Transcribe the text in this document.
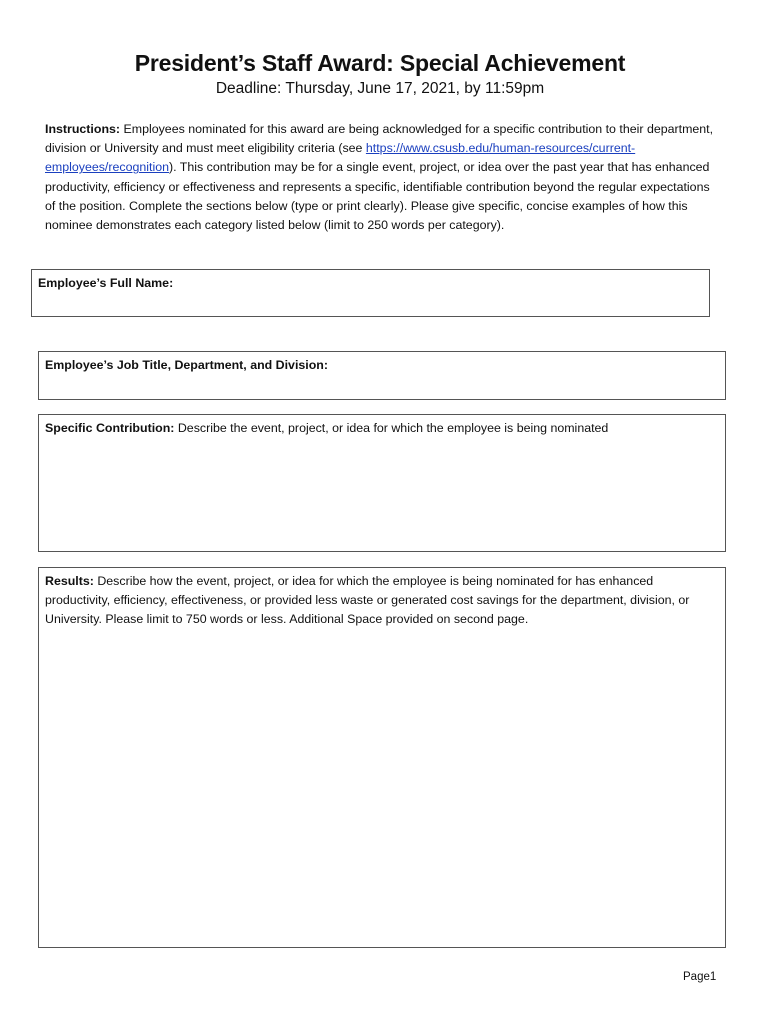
President’s Staff Award: Special Achievement

Deadline: Thursday, June 17, 2021, by 11:59pm

Instructions: Employees nominated for this award are being acknowledged for a specific contribution to their department, division or University and must meet eligibility criteria (see https://www.csusb.edu/human-resources/current-employees/recognition). This contribution may be for a single event, project, or idea over the past year that has enhanced productivity, efficiency or effectiveness and represents a specific, identifiable contribution beyond the regular expectations of the position. Complete the sections below (type or print clearly). Please give specific, concise examples of how this nominee demonstrates each category listed below (limit to 250 words per category).

Employee’s Full Name:
Employee’s Job Title, Department, and Division:
Specific Contribution: Describe the event, project, or idea for which the employee is being nominated
Results: Describe how the event, project, or idea for which the employee is being nominated for has enhanced productivity, efficiency, effectiveness, or provided less waste or generated cost savings for the department, division, or University. Please limit to 750 words or less. Additional Space provided on second page.
Page1
